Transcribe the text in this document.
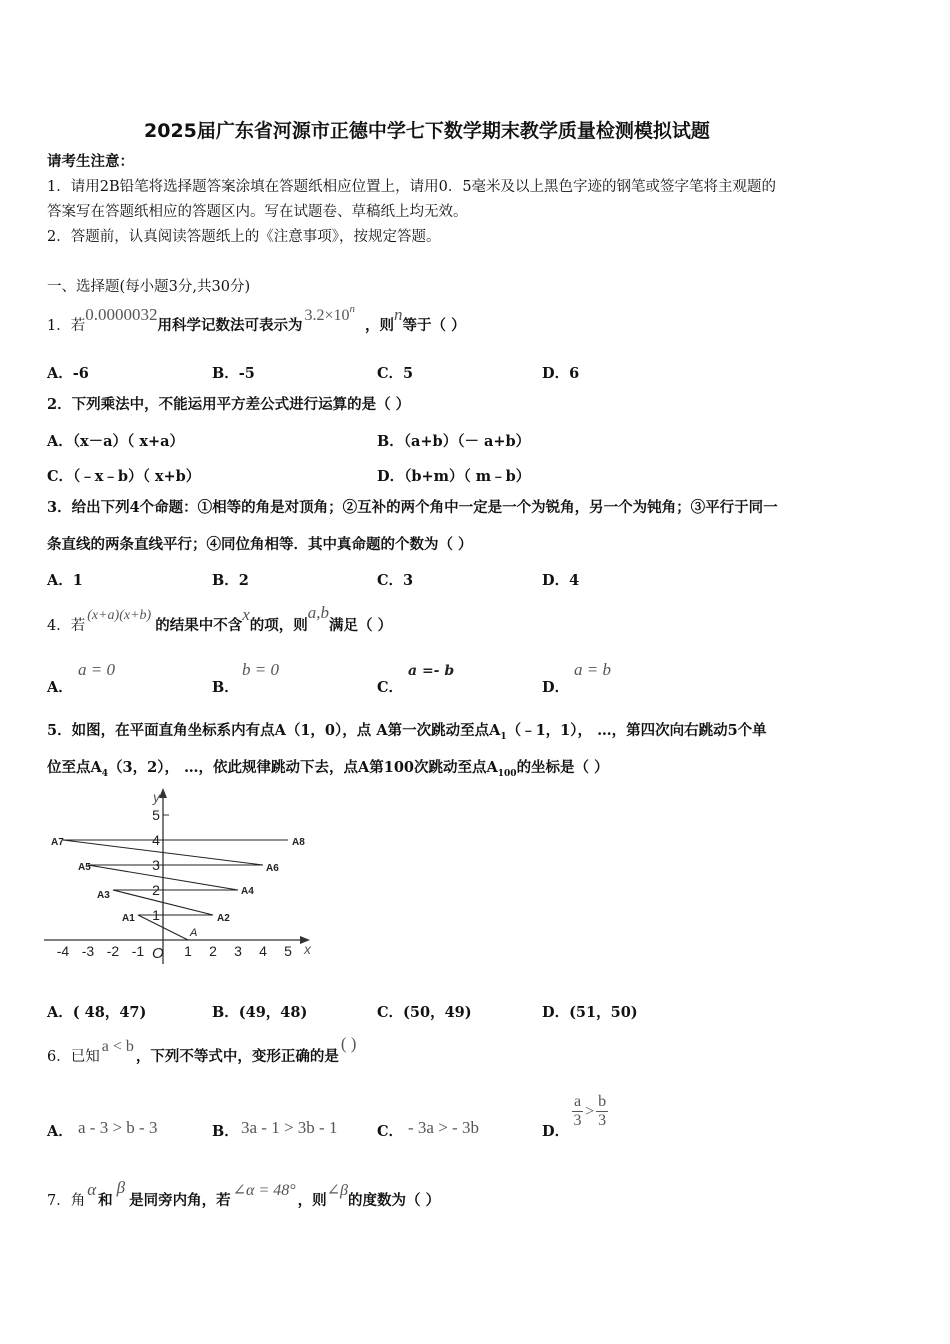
2025届广东省河源市正德中学七下数学期末教学质量检测模拟试题
请考生注意：
1．请用2B铅笔将选择题答案涂填在答题纸相应位置上，请用0．5毫米及以上黑色字迹的钢笔或签字笔将主观题的
答案写在答题纸相应的答题区内。写在试题卷、草稿纸上均无效。
2．答题前，认真阅读答题纸上的《注意事项》，按规定答题。
一、选择题(每小题3分,共30分)
1．若0.0000032用科学记数法可表示为$3.2\times 10^n$，则n等于（ ）
A．-6	B．-5	C．5	D．6
2．下列乘法中，不能运用平方差公式进行运算的是（ ）
A．（x－a）（ x+a）	B．（a+b）（－ a+b）
C．（﹣x﹣b）（ x+b）	D．（b+m）（ m﹣b）
3．给出下列4个命题：①相等的角是对顶角；②互补的两个角中一定是一个为锐角，另一个为钝角；③平行于同一
条直线的两条直线平行；④同位角相等．其中真命题的个数为（ ）
A．1	B．2	C．3	D．4
4．若(x+a)(x+b)的结果中不含x的项，则a,b满足（ ）
A．
a = 0
B．
b = 0
C．
a =- b
D．
a = b
5．如图，在平面直角坐标系内有点A（1，0），点 A第一次跳动至点$A_1(﹣1$，1）， …，第四次向右跳动5个单
位至点$A_4(3$，2）， …，依此规律跳动下去，点A第100次跳动至点$A_{100}$的坐标是（ ）
-4 -3 -2 -1	1 2 3 4 5
O	x
y
1
2
3
4
5
A
A1	A2
A3	A4
A5	A6
A7	A8
A．( 48，47)	B．(49，48)	C．(50，49)	D．(51，50)
6．已知a < b，下列不等式中，变形正确的是( )
A． a - 3 > b - 3	B． 3a - 1 > 3b - 1	C． - 3a > - 3b	D．
$\frac{a}{3} > \frac{b}{3}$
7．角α和β是同旁内角，若∠α = 48°，则∠β的度数为（ ）
